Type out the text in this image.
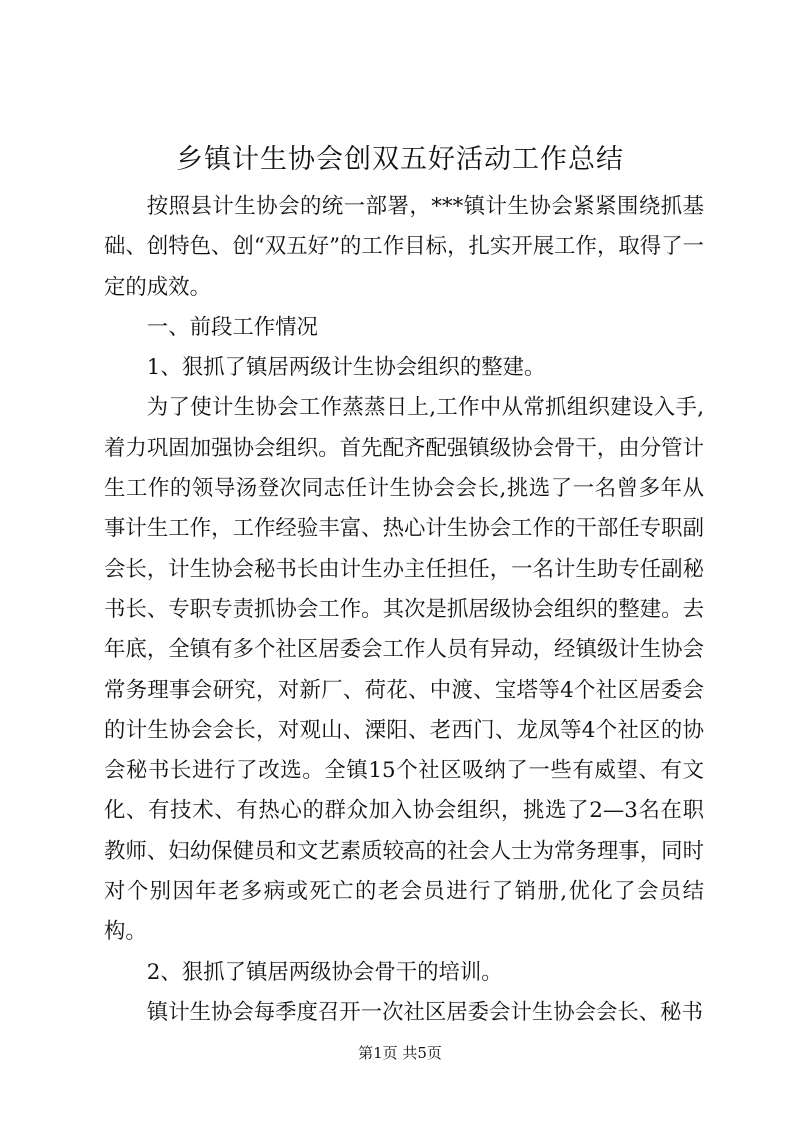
乡镇计生协会创双五好活动工作总结

按照县计生协会的统一部署，***镇计生协会紧紧围绕抓基础、创特色、创“双五好”的工作目标，扎实开展工作，取得了一定的成效。

一、前段工作情况

1、狠抓了镇居两级计生协会组织的整建。

为了使计生协会工作蒸蒸日上,工作中从常抓组织建设入手,着力巩固加强协会组织。首先配齐配强镇级协会骨干，由分管计生工作的领导汤登次同志任计生协会会长,挑选了一名曾多年从事计生工作，工作经验丰富、热心计生协会工作的干部任专职副会长，计生协会秘书长由计生办主任担任，一名计生助专任副秘书长、专职专责抓协会工作。其次是抓居级协会组织的整建。去年底，全镇有多个社区居委会工作人员有异动，经镇级计生协会常务理事会研究，对新厂、荷花、中渡、宝塔等4个社区居委会的计生协会会长，对观山、溧阳、老西门、龙凤等4个社区的协会秘书长进行了改选。全镇15个社区吸纳了一些有威望、有文化、有技术、有热心的群众加入协会组织，挑选了2—3名在职教师、妇幼保健员和文艺素质较高的社会人士为常务理事，同时对个别因年老多病或死亡的老会员进行了销册,优化了会员结构。

2、狠抓了镇居两级协会骨干的培训。

镇计生协会每季度召开一次社区居委会计生协会会长、秘书

第1页 共5页
